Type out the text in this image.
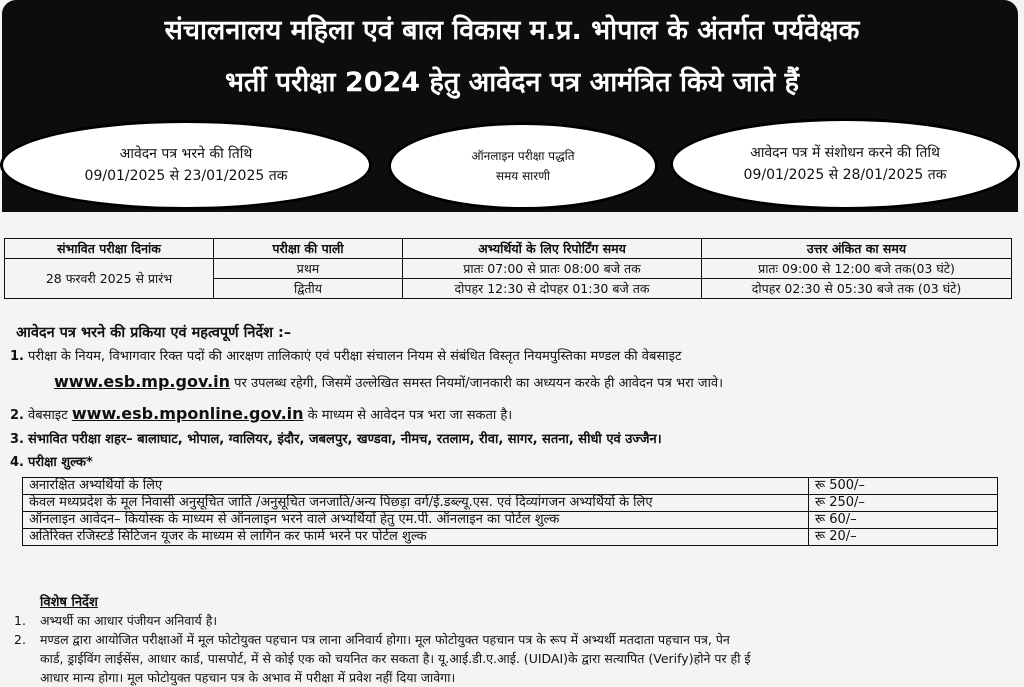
संचालनालय महिला एवं बाल विकास म.प्र. भोपाल के अंतर्गत पर्यवेक्षक
भर्ती परीक्षा 2024 हेतु आवेदन पत्र आमंत्रित किये जाते हैं
आवेदन पत्र भरने की तिथि
09/01/2025 से 23/01/2025 तक
ऑनलाइन परीक्षा पद्धति
समय सारणी
आवेदन पत्र में संशोधन करने की तिथि
09/01/2025 से 28/01/2025 तक
संभावित परीक्षा दिनांक	परीक्षा की पाली	अभ्यर्थियों के लिए रिपोर्टिंग समय	उत्तर अंकित का समय
28 फरवरी 2025 से प्रारंभ	प्रथम	प्रातः 07:00 से प्रातः 08:00 बजे तक	प्रातः 09:00 से 12:00 बजे तक(03 घंटे)
	द्वितीय	दोपहर 12:30 से दोपहर 01:30 बजे तक	दोपहर 02:30 से 05:30 बजे तक (03 घंटे)
आवेदन पत्र भरने की प्रकिया एवं महत्वपूर्ण निर्देश :–
1. परीक्षा के नियम, विभागवार रिक्त पदों की आरक्षण तालिकाएं एवं परीक्षा संचालन नियम से संबंधित विस्तृत नियमपुस्तिका मण्डल की वेबसाइट
www.esb.mp.gov.in पर उपलब्ध रहेगी, जिसमें उल्लेखित समस्त नियमों/जानकारी का अध्ययन करके ही आवेदन पत्र भरा जावे।
2. वेबसाइट www.esb.mponline.gov.in के माध्यम से आवेदन पत्र भरा जा सकता है।
3. संभावित परीक्षा शहर– बालाघाट, भोपाल, ग्वालियर, इंदौर, जबलपुर, खण्डवा, नीमच, रतलाम, रीवा, सागर, सतना, सीधी एवं उज्जैन।
4. परीक्षा शुल्क*
अनारक्षित अभ्यर्थियों के लिए	रू 500/–
केवल मध्यप्रदेश के मूल निवासी अनुसूचित जाति /अनुसूचित जनजाति/अन्य पिछड़ा वर्ग/ई.डब्ल्यू.एस. एवं दिव्यांगजन अभ्यर्थियों के लिए	रू 250/–
ऑनलाइन आवेदन– कियोस्क के माध्यम से ऑनलाइन भरने वाले अभ्यर्थियों हेतु एम.पी. ऑनलाइन का पोर्टल शुल्क	रू 60/–
अतिरिक्त रजिस्टर्ड सिटिजन यूजर के माध्यम से लागिन कर फार्म भरने पर पोर्टल शुल्क	रू 20/–
विशेष निर्देश
1. अभ्यर्थी का आधार पंजीयन अनिवार्य है।
2. मण्डल द्वारा आयोजित परीक्षाओं में मूल फोटोयुक्त पहचान पत्र लाना अनिवार्य होगा। मूल फोटोयुक्त पहचान पत्र के रूप में अभ्यर्थी मतदाता पहचान पत्र, पेन
कार्ड, ड्राईविंग लाईसेंस, आधार कार्ड, पासपोर्ट, में से कोई एक को चयनित कर सकता है। यू.आई.डी.ए.आई. (UIDAI)के द्वारा सत्यापित (Verify)होने पर ही ई
आधार मान्य होगा। मूल फोटोयुक्त पहचान पत्र के अभाव में परीक्षा में प्रवेश नहीं दिया जावेगा।
